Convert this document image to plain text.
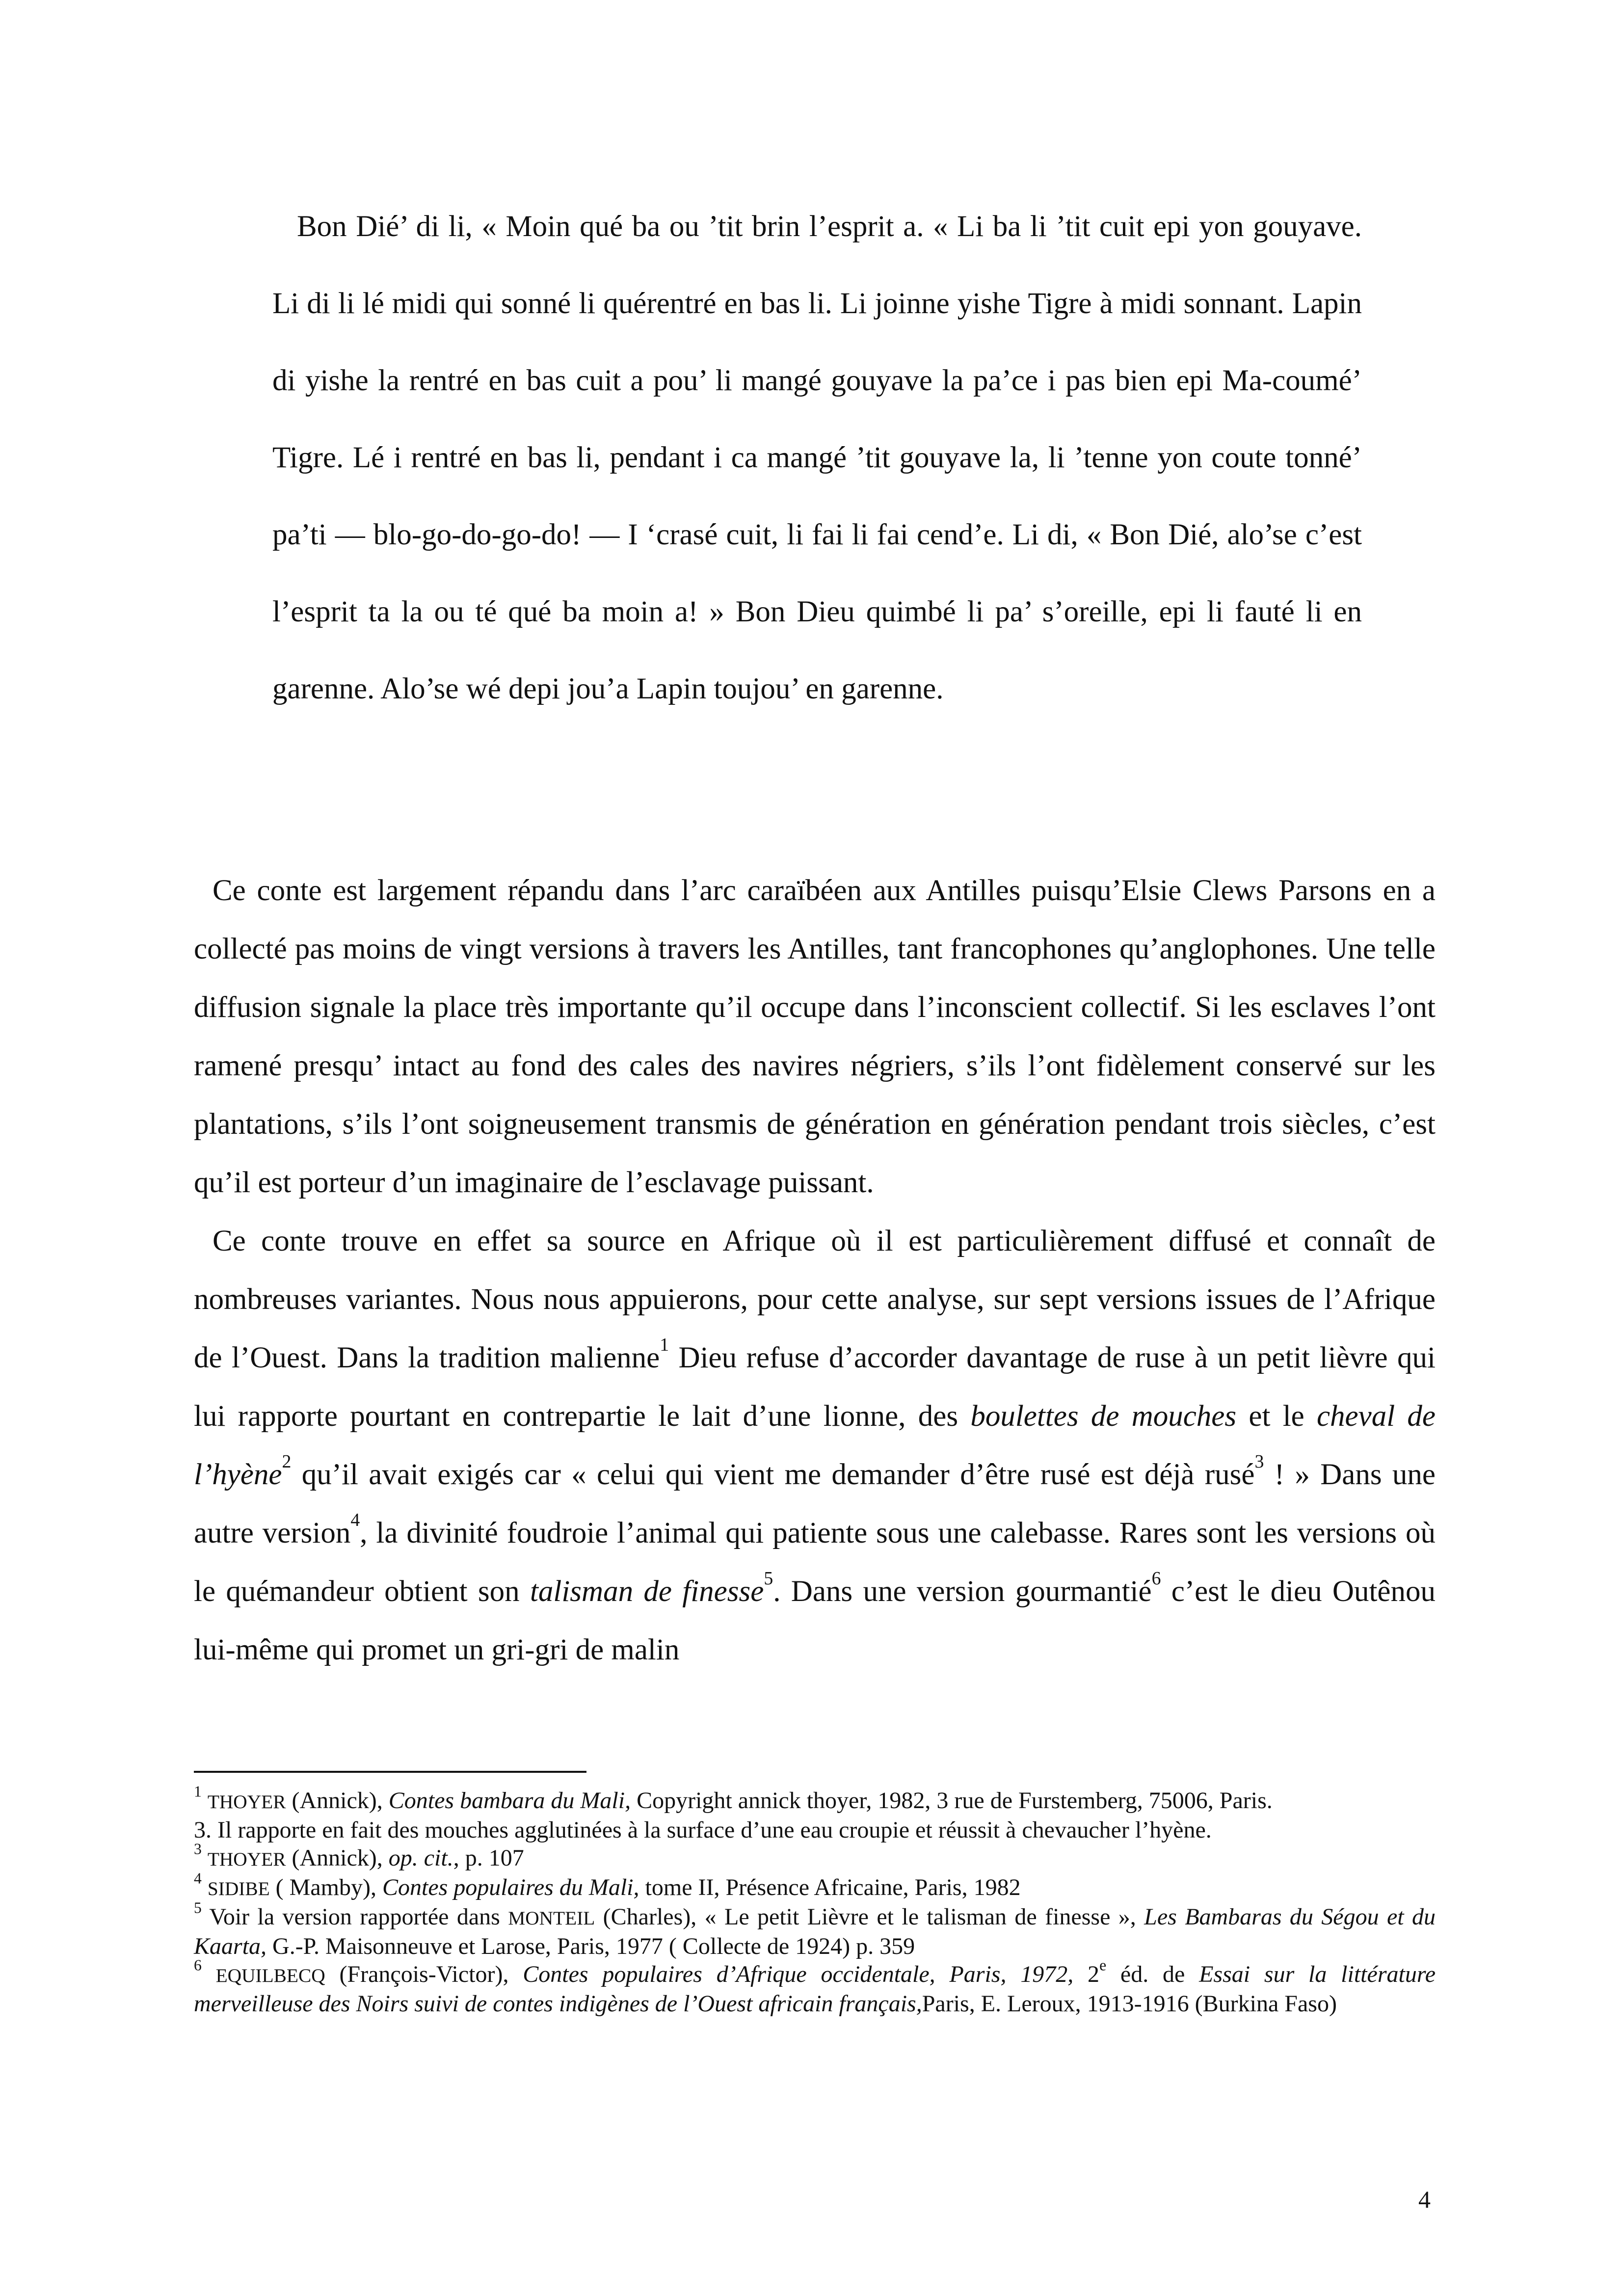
Bon Dié’ di li, « Moin qué ba ou ’tit brin l’esprit a. « Li ba li ’tit cuit epi yon gouyave. Li di li lé midi qui sonné li quérentré en bas li. Li joinne yishe Tigre à midi sonnant. Lapin di yishe la rentré en bas cuit a pou’ li mangé gouyave la pa’ce i pas bien epi Ma-coumé’ Tigre. Lé i rentré en bas li, pendant i ca mangé ’tit gouyave la, li ’tenne yon coute tonné’ pa’ti — blo-go-do-go-do! — I ‘crasé cuit, li fai li fai cend’e. Li di, « Bon Dié, alo’se c’est l’esprit ta la ou té qué ba moin a! » Bon Dieu quimbé li pa’ s’oreille, epi li fauté li en garenne. Alo’se wé depi jou’a Lapin toujou’ en garenne.

Ce conte est largement répandu dans l’arc caraïbéen aux Antilles puisqu’Elsie Clews Parsons en a collecté pas moins de vingt versions à travers les Antilles, tant francophones qu’anglophones. Une telle diffusion signale la place très importante qu’il occupe dans l’inconscient collectif. Si les esclaves l’ont ramené presqu’ intact au fond des cales des navires négriers, s’ils l’ont fidèlement conservé sur les plantations, s’ils l’ont soigneusement transmis de génération en génération pendant trois siècles, c’est qu’il est porteur d’un imaginaire de l’esclavage puissant.

Ce conte trouve en effet sa source en Afrique où il est particulièrement diffusé et connaît de nombreuses variantes. Nous nous appuierons, pour cette analyse, sur sept versions issues de l’Afrique de l’Ouest. Dans la tradition malienne$^1$ Dieu refuse d’accorder davantage de ruse à un petit lièvre qui lui rapporte pourtant en contrepartie le lait d’une lionne, des boulettes de mouches et le cheval de l’hyène$^2$ qu’il avait exigés car « celui qui vient me demander d’être rusé est déjà rusé$^3$ ! » Dans une autre version$^4$, la divinité foudroie l’animal qui patiente sous une calebasse. Rares sont les versions où le quémandeur obtient son talisman de finesse$^5$. Dans une version gourmantié$^6$ c’est le dieu Outênou lui-même qui promet un gri-gri de malin

$^1$ THOYER (Annick), Contes bambara du Mali, Copyright annick thoyer, 1982, 3 rue de Furstemberg, 75006, Paris.

3. Il rapporte en fait des mouches agglutinées à la surface d’une eau croupie et réussit à chevaucher l’hyène.

$^3$ THOYER (Annick), op. cit., p. 107

$^4$ SIDIBE ( Mamby), Contes populaires du Mali, tome II, Présence Africaine, Paris, 1982

$^5$ Voir la version rapportée dans MONTEIL (Charles), « Le petit Lièvre et le talisman de finesse », Les Bambaras du Ségou et du Kaarta, G.-P. Maisonneuve et Larose, Paris, 1977 ( Collecte de 1924) p. 359

$^6$ EQUILBECQ (François-Victor), Contes populaires d’Afrique occidentale, Paris, 1972, 2e éd. de Essai sur la littérature merveilleuse des Noirs suivi de contes indigènes de l’Ouest africain français,Paris, E. Leroux, 1913-1916 (Burkina Faso)

4
